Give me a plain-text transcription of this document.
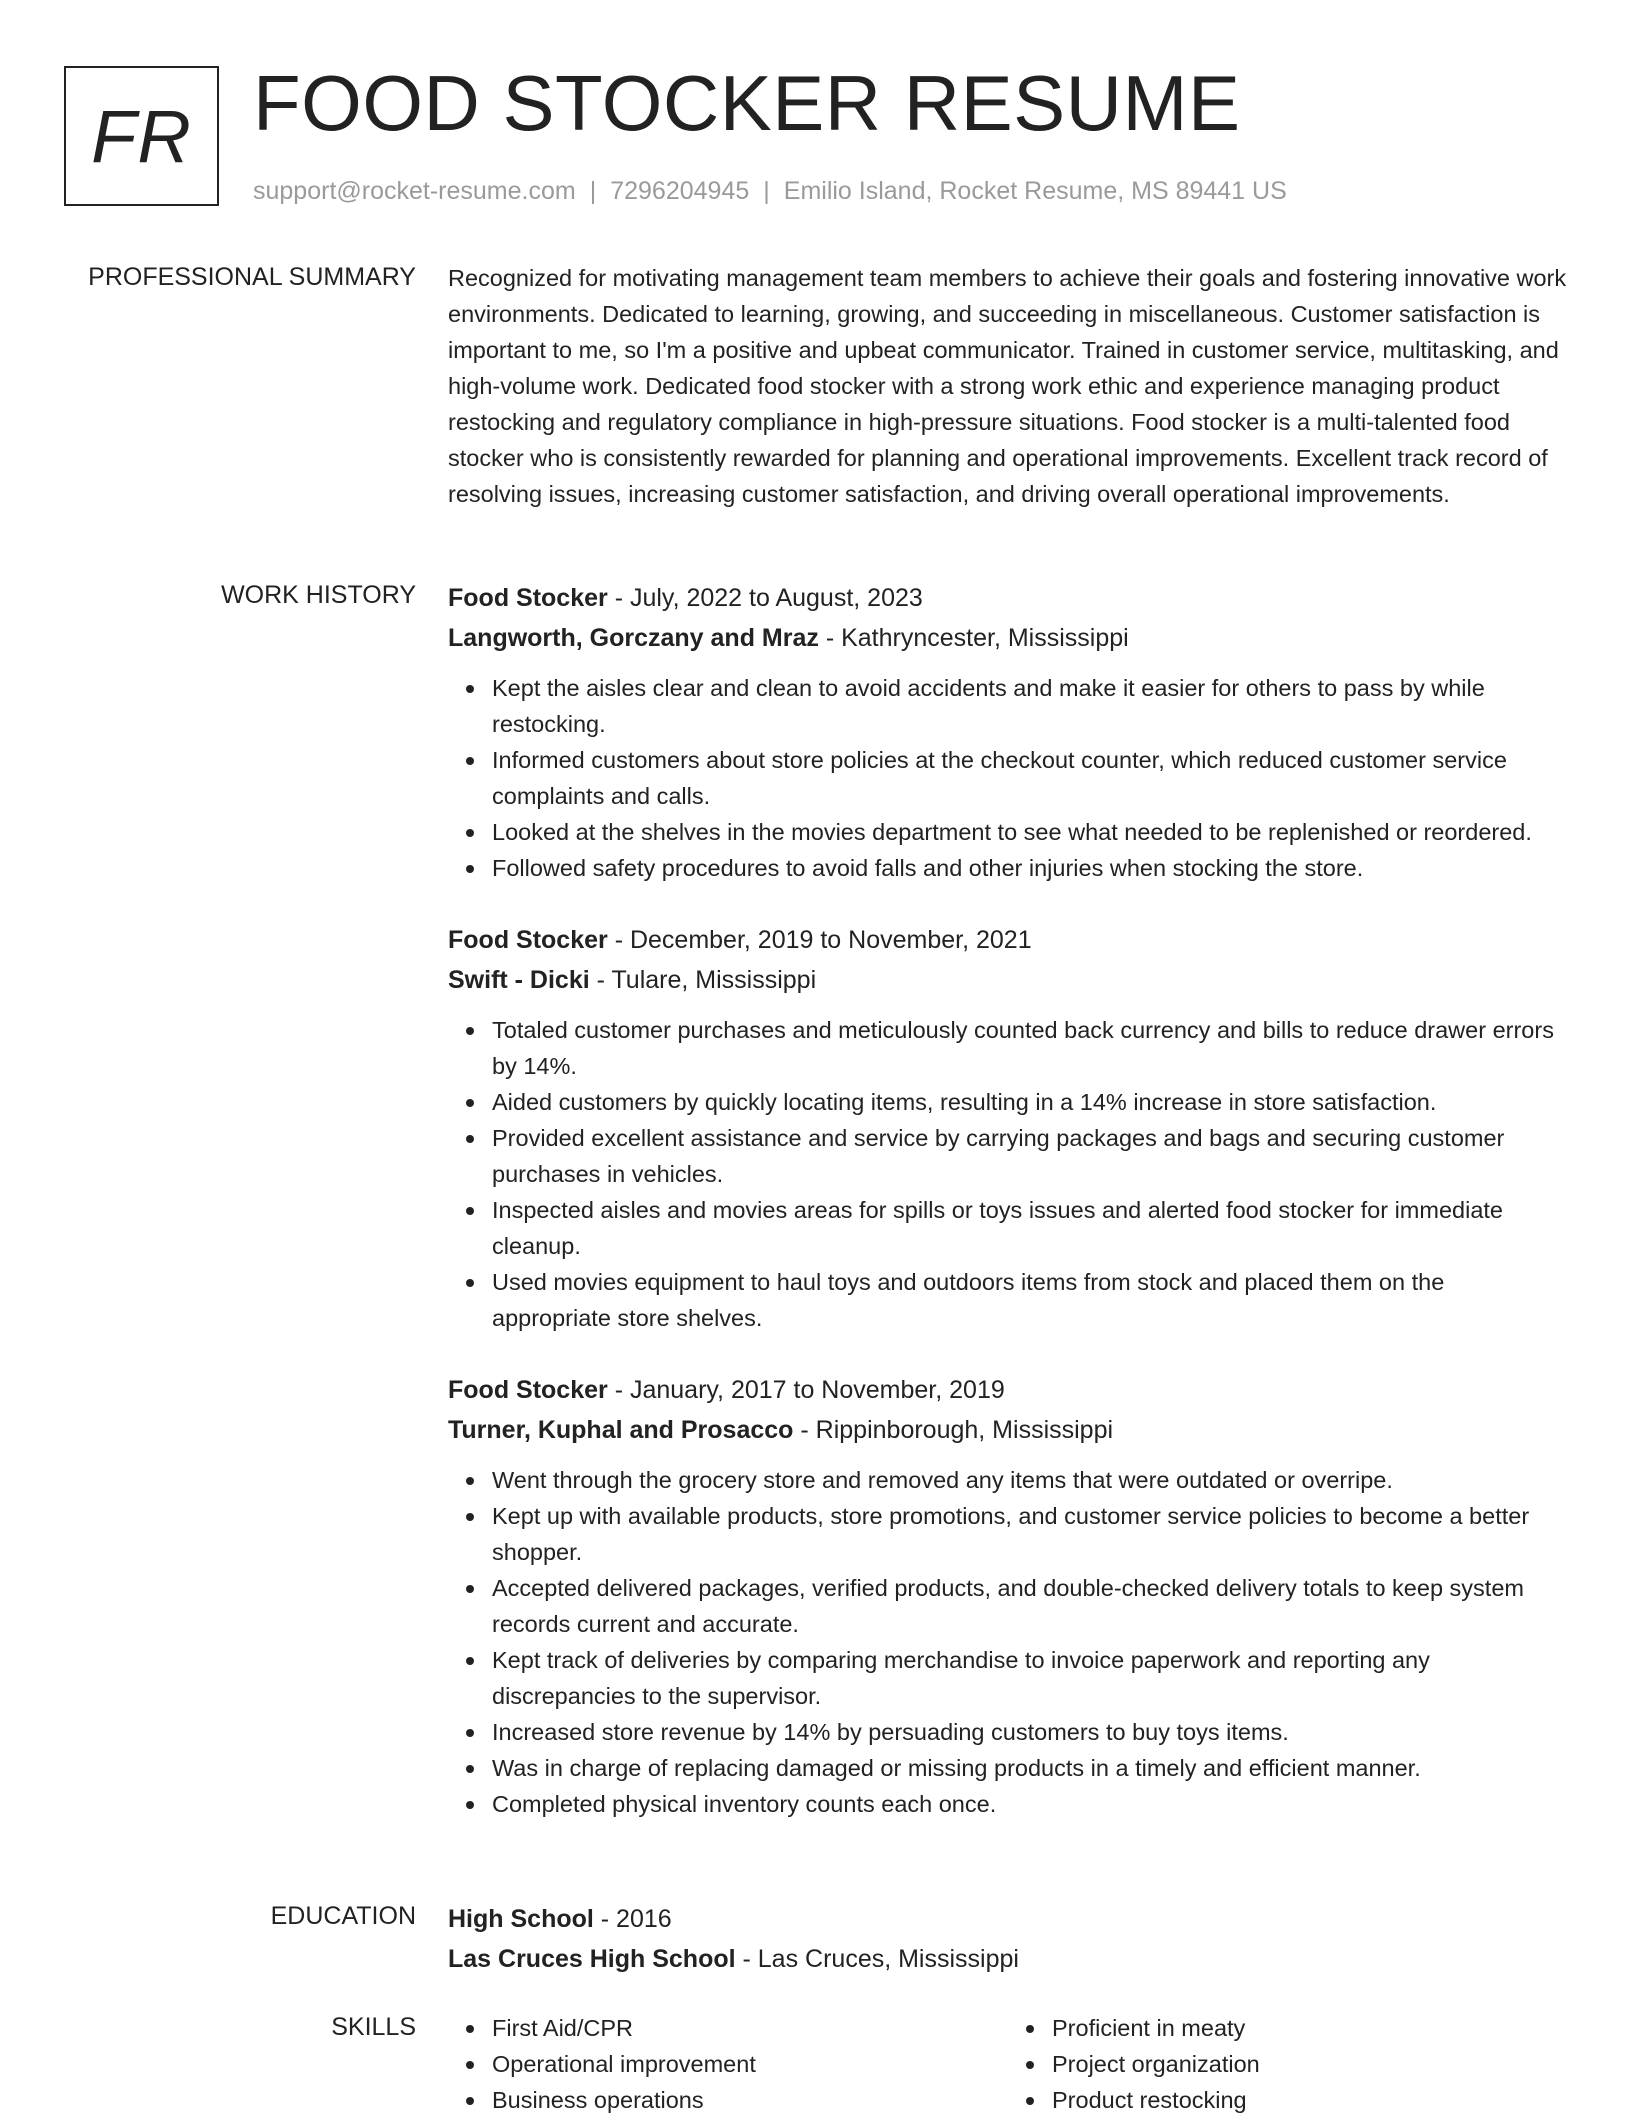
FR FOOD STOCKER RESUME
support@rocket-resume.com | 7296204945 | Emilio Island, Rocket Resume, MS 89441 US
PROFESSIONAL SUMMARY Recognized for motivating management team members to achieve their goals and fostering innovative work environments. Dedicated to learning, growing, and succeeding in miscellaneous. Customer satisfaction is important to me, so I'm a positive and upbeat communicator. Trained in customer service, multitasking, and high-volume work. Dedicated food stocker with a strong work ethic and experience managing product restocking and regulatory compliance in high-pressure situations. Food stocker is a multi-talented food stocker who is consistently rewarded for planning and operational improvements. Excellent track record of resolving issues, increasing customer satisfaction, and driving overall operational improvements.

WORK HISTORY Food Stocker - July, 2022 to August, 2023
Langworth, Gorczany and Mraz - Kathryncester, Mississippi
Kept the aisles clear and clean to avoid accidents and make it easier for others to pass by while restocking.
Informed customers about store policies at the checkout counter, which reduced customer service complaints and calls.
Looked at the shelves in the movies department to see what needed to be replenished or reordered.
Followed safety procedures to avoid falls and other injuries when stocking the store.
Food Stocker - December, 2019 to November, 2021
Swift - Dicki - Tulare, Mississippi
Totaled customer purchases and meticulously counted back currency and bills to reduce drawer errors by 14%.
Aided customers by quickly locating items, resulting in a 14% increase in store satisfaction.
Provided excellent assistance and service by carrying packages and bags and securing customer purchases in vehicles.
Inspected aisles and movies areas for spills or toys issues and alerted food stocker for immediate cleanup.
Used movies equipment to haul toys and outdoors items from stock and placed them on the appropriate store shelves.
Food Stocker - January, 2017 to November, 2019
Turner, Kuphal and Prosacco - Rippinborough, Mississippi
Went through the grocery store and removed any items that were outdated or overripe.
Kept up with available products, store promotions, and customer service policies to become a better shopper.
Accepted delivered packages, verified products, and double-checked delivery totals to keep system records current and accurate.
Kept track of deliveries by comparing merchandise to invoice paperwork and reporting any discrepancies to the supervisor.
Increased store revenue by 14% by persuading customers to buy toys items.
Was in charge of replacing damaged or missing products in a timely and efficient manner.
Completed physical inventory counts each once.
EDUCATION High School - 2016
Las Cruces High School - Las Cruces, Mississippi
SKILLS	First Aid/CPR
Operational improvement
Business operations
Proficient in meaty
Project organization
Product restocking
